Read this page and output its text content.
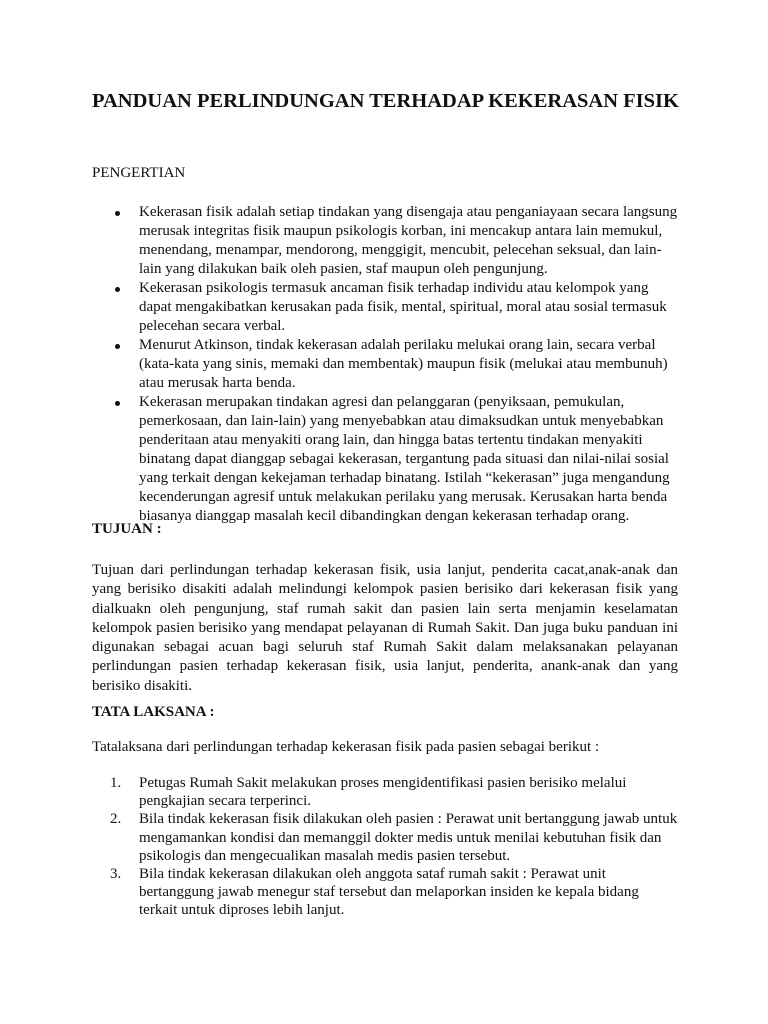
PANDUAN PERLINDUNGAN TERHADAP KEKERASAN FISIK
PENGERTIAN
Kekerasan fisik adalah setiap tindakan yang disengaja atau penganiayaan secara langsung merusak integritas fisik maupun psikologis korban, ini mencakup antara lain memukul, menendang, menampar, mendorong, menggigit, mencubit, pelecehan seksual, dan lain-lain yang dilakukan baik oleh pasien, staf maupun oleh pengunjung.
Kekerasan psikologis termasuk ancaman fisik terhadap individu atau kelompok yang dapat mengakibatkan kerusakan pada fisik, mental, spiritual, moral atau sosial termasuk pelecehan secara verbal.
Menurut Atkinson, tindak kekerasan adalah perilaku melukai orang lain, secara verbal (kata-kata yang sinis, memaki dan membentak) maupun fisik (melukai atau membunuh) atau merusak harta benda.
Kekerasan merupakan tindakan agresi dan pelanggaran (penyiksaan, pemukulan, pemerkosaan, dan lain-lain) yang menyebabkan atau dimaksudkan untuk menyebabkan penderitaan atau menyakiti orang lain, dan hingga batas tertentu tindakan menyakiti binatang dapat dianggap sebagai kekerasan, tergantung pada situasi dan nilai-nilai sosial yang terkait dengan kekejaman terhadap binatang. Istilah “kekerasan” juga mengandung kecenderungan agresif untuk melakukan perilaku yang merusak. Kerusakan harta benda biasanya dianggap masalah kecil dibandingkan dengan kekerasan terhadap orang.
TUJUAN :

Tujuan dari perlindungan terhadap kekerasan fisik, usia lanjut, penderita cacat,anak-anak dan yang berisiko disakiti adalah melindungi kelompok pasien berisiko dari kekerasan fisik yang dialkuakn oleh pengunjung, staf rumah sakit dan pasien lain serta menjamin keselamatan kelompok pasien berisiko yang mendapat pelayanan di Rumah Sakit. Dan juga buku panduan ini digunakan sebagai acuan bagi seluruh staf Rumah Sakit dalam melaksanakan pelayanan perlindungan pasien terhadap kekerasan fisik, usia lanjut, penderita, anank-anak dan yang berisiko disakiti.

TATA LAKSANA :

Tatalaksana dari perlindungan terhadap kekerasan fisik pada pasien sebagai berikut :

1. Petugas Rumah Sakit melakukan proses mengidentifikasi pasien berisiko melalui pengkajian secara terperinci.
2. Bila tindak kekerasan fisik dilakukan oleh pasien : Perawat unit bertanggung jawab untuk mengamankan kondisi dan memanggil dokter medis untuk menilai kebutuhan fisik dan psikologis dan mengecualikan masalah medis pasien tersebut.
3. Bila tindak kekerasan dilakukan oleh anggota sataf rumah sakit : Perawat unit bertanggung jawab menegur staf tersebut dan melaporkan insiden ke kepala bidang terkait untuk diproses lebih lanjut.
